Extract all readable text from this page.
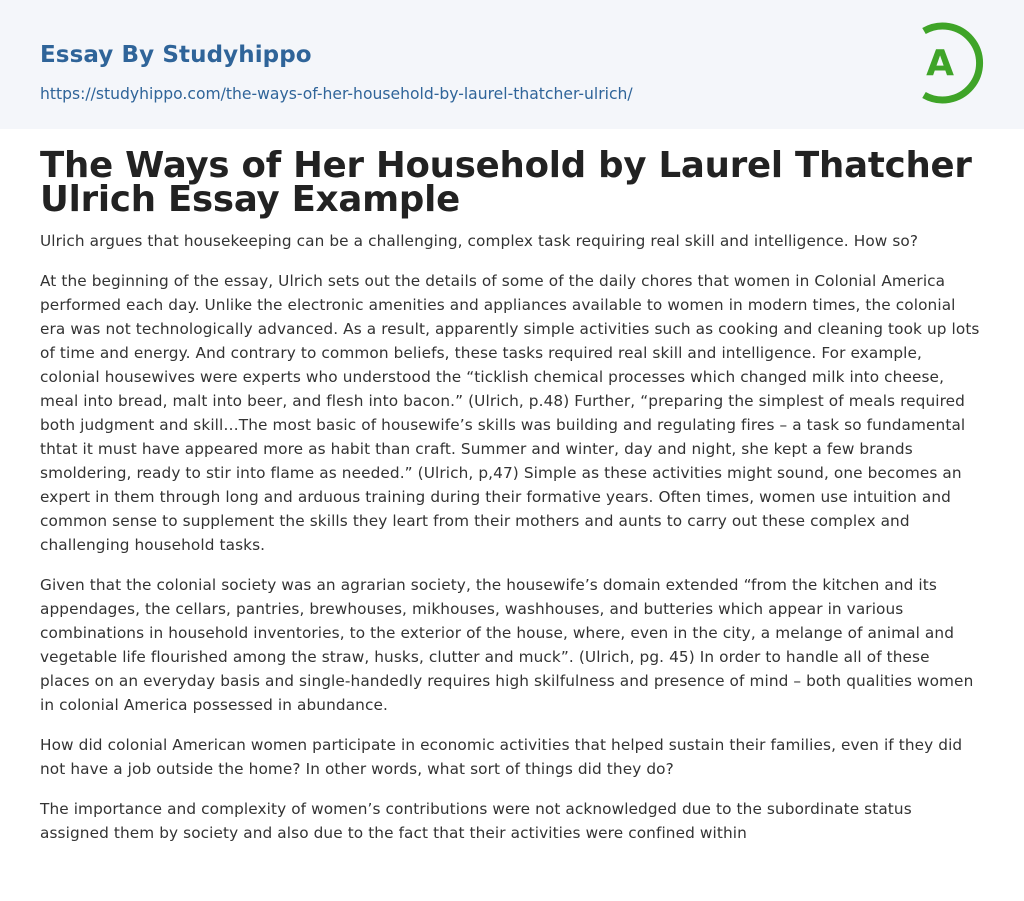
Essay By Studyhippo
https://studyhippo.com/the-ways-of-her-household-by-laurel-thatcher-ulrich/
A
The Ways of Her Household by Laurel Thatcher Ulrich Essay Example

Ulrich argues that housekeeping can be a challenging, complex task requiring real skill and intelligence. How so?

At the beginning of the essay, Ulrich sets out the details of some of the daily chores that women in Colonial America performed each day. Unlike the electronic amenities and appliances available to women in modern times, the colonial era was not technologically advanced. As a result, apparently simple activities such as cooking and cleaning took up lots of time and energy. And contrary to common beliefs, these tasks required real skill and intelligence. For example, colonial housewives were experts who understood the “ticklish chemical processes which changed milk into cheese, meal into bread, malt into beer, and flesh into bacon.” (Ulrich, p.48) Further, “preparing the simplest of meals required both judgment and skill…The most basic of housewife’s skills was building and regulating fires – a task so fundamental thtat it must have appeared more as habit than craft. Summer and winter, day and night, she kept a few brands smoldering, ready to stir into flame as needed.” (Ulrich, p,47) Simple as these activities might sound, one becomes an expert in them through long and arduous training during their formative years. Often times, women use intuition and common sense to supplement the skills they leart from their mothers and aunts to carry out these complex and challenging household tasks.

Given that the colonial society was an agrarian society, the housewife’s domain extended “from the kitchen and its appendages, the cellars, pantries, brewhouses, mikhouses, washhouses, and butteries which appear in various combinations in household inventories, to the exterior of the house, where, even in the city, a melange of animal and vegetable life flourished among the straw, husks, clutter and muck”. (Ulrich, pg. 45) In order to handle all of these places on an everyday basis and single-handedly requires high skilfulness and presence of mind – both qualities women in colonial America possessed in abundance.

How did colonial American women participate in economic activities that helped sustain their families, even if they did not have a job outside the home? In other words, what sort of things did they do?

The importance and complexity of women’s contributions were not acknowledged due to the subordinate status assigned them by society and also due to the fact that their activities were confined within
